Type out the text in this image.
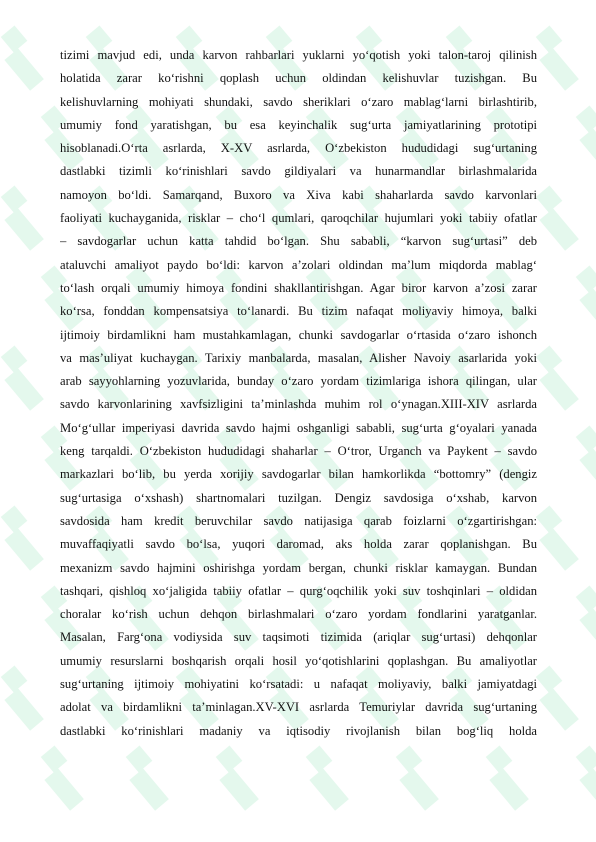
tizimi mavjud edi, unda karvon rahbarlari yuklarni yo‘qotish yoki talon-taroj qilinish
holatida zarar ko‘rishni qoplash uchun oldindan kelishuvlar tuzishgan. Bu
kelishuvlarning mohiyati shundaki, savdo sheriklari o‘zaro mablag‘larni birlashtirib,
umumiy fond yaratishgan, bu esa keyinchalik sug‘urta jamiyatlarining prototipi
hisoblanadi.O‘rta asrlarda, X-XV asrlarda, O‘zbekiston hududidagi sug‘urtaning
dastlabki tizimli ko‘rinishlari savdo gildiyalari va hunarmandlar birlashmalarida
namoyon bo‘ldi. Samarqand, Buxoro va Xiva kabi shaharlarda savdo karvonlari
faoliyati kuchayganida, risklar – cho‘l qumlari, qaroqchilar hujumlari yoki tabiiy ofatlar
– savdogarlar uchun katta tahdid bo‘lgan. Shu sababli, “karvon sug‘urtasi” deb
ataluvchi amaliyot paydo bo‘ldi: karvon a’zolari oldindan ma’lum miqdorda mablag‘
to‘lash orqali umumiy himoya fondini shakllantirishgan. Agar biror karvon a’zosi zarar
ko‘rsa, fonddan kompensatsiya to‘lanardi. Bu tizim nafaqat moliyaviy himoya, balki
ijtimoiy birdamlikni ham mustahkamlagan, chunki savdogarlar o‘rtasida o‘zaro ishonch
va mas’uliyat kuchaygan. Tarixiy manbalarda, masalan, Alisher Navoiy asarlarida yoki
arab sayyohlarning yozuvlarida, bunday o‘zaro yordam tizimlariga ishora qilingan, ular
savdo karvonlarining xavfsizligini ta’minlashda muhim rol o‘ynagan.XIII-XIV asrlarda
Mo‘g‘ullar imperiyasi davrida savdo hajmi oshganligi sababli, sug‘urta g‘oyalari yanada
keng tarqaldi. O‘zbekiston hududidagi shaharlar – O‘tror, Urganch va Paykent – savdo
markazlari bo‘lib, bu yerda xorijiy savdogarlar bilan hamkorlikda “bottomry” (dengiz
sug‘urtasiga o‘xshash) shartnomalari tuzilgan. Dengiz savdosiga o‘xshab, karvon
savdosida ham kredit beruvchilar savdo natijasiga qarab foizlarni o‘zgartirishgan:
muvaffaqiyatli savdo bo‘lsa, yuqori daromad, aks holda zarar qoplanishgan. Bu
mexanizm savdo hajmini oshirishga yordam bergan, chunki risklar kamaygan. Bundan
tashqari, qishloq xo‘jaligida tabiiy ofatlar – qurg‘oqchilik yoki suv toshqinlari – oldidan
choralar ko‘rish uchun dehqon birlashmalari o‘zaro yordam fondlarini yaratganlar.
Masalan, Farg‘ona vodiysida suv taqsimoti tizimida (ariqlar sug‘urtasi) dehqonlar
umumiy resurslarni boshqarish orqali hosil yo‘qotishlarini qoplashgan. Bu amaliyotlar
sug‘urtaning ijtimoiy mohiyatini ko‘rsatadi: u nafaqat moliyaviy, balki jamiyatdagi
adolat va birdamlikni ta’minlagan.XV-XVI asrlarda Temuriylar davrida sug‘urtaning
dastlabki ko‘rinishlari madaniy va iqtisodiy rivojlanish bilan bog‘liq holda
